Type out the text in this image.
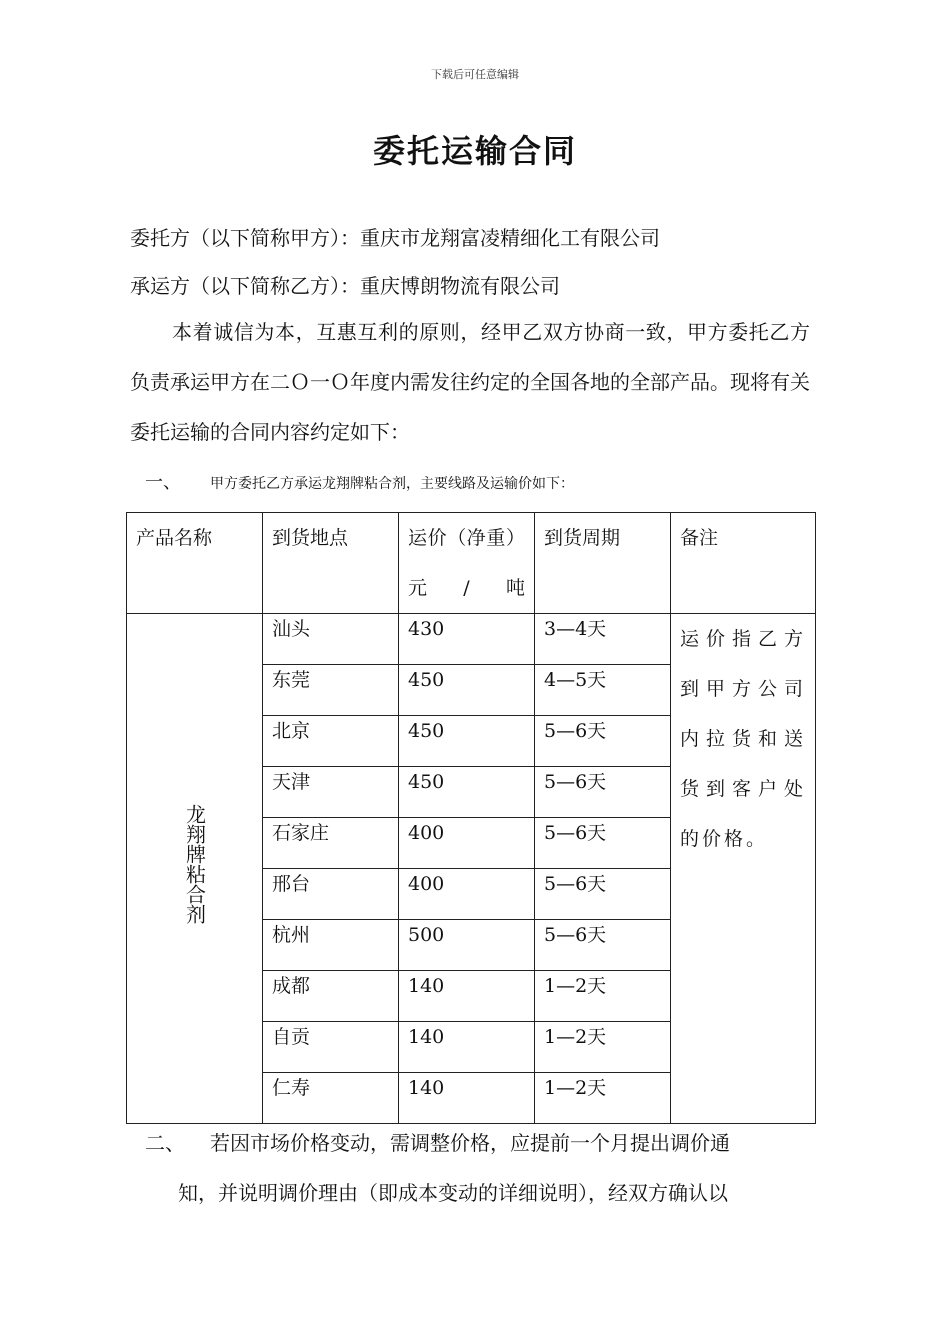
下载后可任意编辑
委托运输合同
委托方（以下简称甲方）：重庆市龙翔富凌精细化工有限公司
承运方（以下简称乙方）：重庆博朗物流有限公司
本着诚信为本，互惠互利的原则，经甲乙双方协商一致，甲方委托乙方负责承运甲方在二Ｏ一Ｏ年度内需发往约定的全国各地的全部产品。现将有关委托运输的合同内容约定如下：
一、 甲方委托乙方承运龙翔牌粘合剂，主要线路及运输价如下：
产品名称	到货地点	运价（净重）元/吨	到货周期	备注
龙翔牌粘合剂	汕头	430	3—4天	运价指乙方到甲方公司内拉货和送货到客户处的价格。
	东莞	450	4—5天	
	北京	450	5—6天	
	天津	450	5—6天	
	石家庄	400	5—6天	
	邢台	400	5—6天	
	杭州	500	5—6天	
	成都	140	1—2天	
	自贡	140	1—2天	
	仁寿	140	1—2天	
二、 若因市场价格变动，需调整价格，应提前一个月提出调价通
知，并说明调价理由（即成本变动的详细说明），经双方确认以
